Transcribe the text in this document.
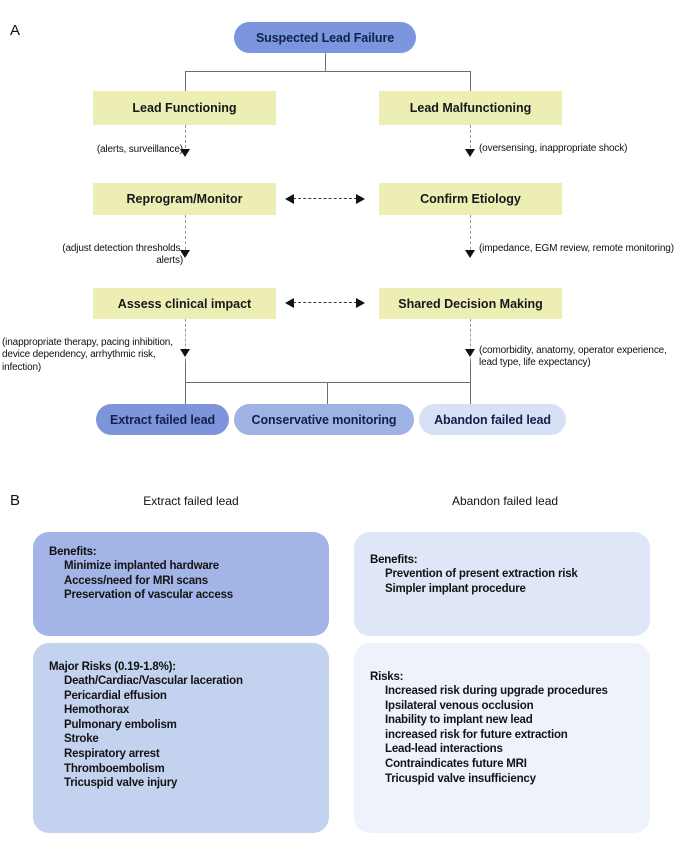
A	Suspected Lead Failure
Lead Functioning
(alerts, surveillance)
Reprogram/Monitor
(adjust detection thresholds, alerts)
Assess clinical impact
(inappropriate therapy, pacing inhibition, device dependency, arrhythmic risk, infection)
Lead Malfunctioning
(oversensing, inappropriate shock)
Confirm Etiology
(impedance, EGM review, remote monitoring)
Shared Decision Making
(comorbidity, anatomy, operator experience, lead type, life expectancy)
Extract failed lead	Conservative monitoring	Abandon failed lead
B	Extract failed lead	Abandon failed lead
Benefits:
Minimize implanted hardware
Access/need for MRI scans
Preservation of vascular access
Major Risks (0.19-1.8%):
Death/Cardiac/Vascular laceration
Pericardial effusion
Hemothorax
Pulmonary embolism
Stroke
Respiratory arrest
Thromboembolism
Tricuspid valve injury
Benefits:
Prevention of present extraction risk
Simpler implant procedure
Risks:
Increased risk during upgrade procedures
Ipsilateral venous occlusion
Inability to implant new lead
increased risk for future extraction
Lead-lead interactions
Contraindicates future MRI
Tricuspid valve insufficiency
